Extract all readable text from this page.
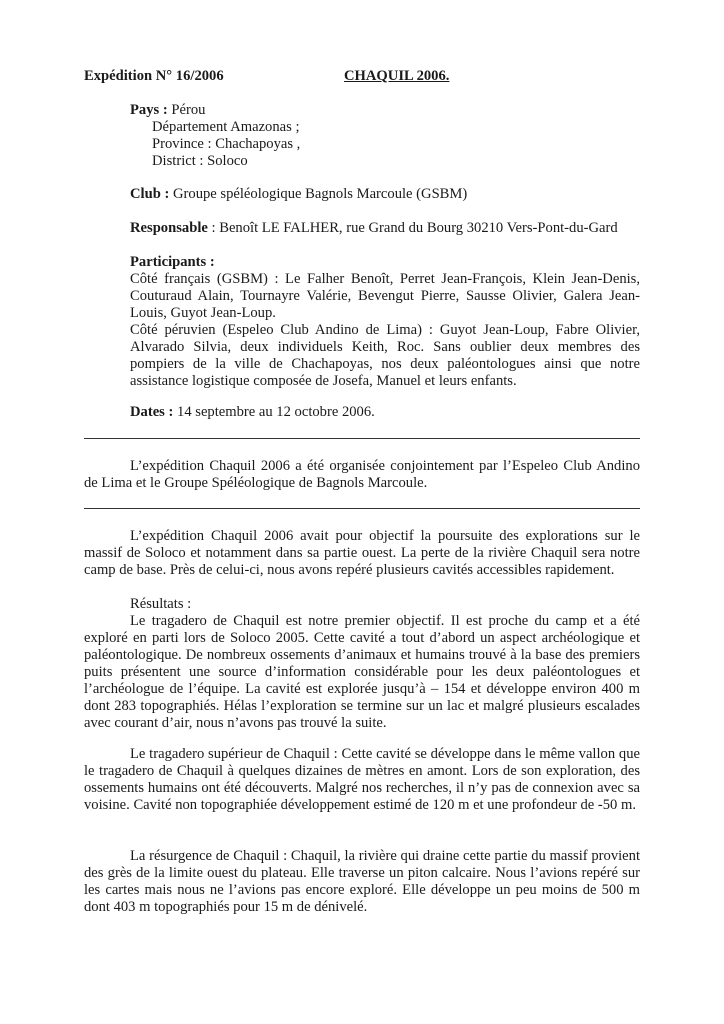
Expédition N° 16/2006	CHAQUIL 2006.
Pays : Pérou
Département Amazonas ;
Province : Chachapoyas ,
District : Soloco
Club : Groupe spéléologique Bagnols Marcoule (GSBM)
Responsable : Benoît LE FALHER, rue Grand du Bourg 30210 Vers-Pont-du-Gard
Participants :

Côté français (GSBM) : Le Falher Benoît, Perret Jean-François, Klein Jean-Denis, Couturaud Alain, Tournayre Valérie, Bevengut Pierre, Sausse Olivier, Galera Jean-Louis, Guyot Jean-Loup.

Côté péruvien (Espeleo Club Andino de Lima) : Guyot Jean-Loup, Fabre Olivier, Alvarado Silvia, deux individuels Keith, Roc. Sans oublier deux membres des pompiers de la ville de Chachapoyas, nos deux paléontologues ainsi que notre assistance logistique composée de Josefa, Manuel et leurs enfants.

Dates : 14 septembre au 12 octobre 2006.

L’expédition Chaquil 2006 a été organisée conjointement par l’Espeleo Club Andino de Lima et le Groupe Spéléologique de Bagnols Marcoule.

L’expédition Chaquil 2006 avait pour objectif la poursuite des explorations sur le massif de Soloco et notamment dans sa partie ouest. La perte de la rivière Chaquil sera notre camp de base. Près de celui-ci, nous avons repéré plusieurs cavités accessibles rapidement.

Résultats :

Le tragadero de Chaquil est notre premier objectif. Il est proche du camp et a été exploré en parti lors de Soloco 2005. Cette cavité a tout d’abord un aspect archéologique et paléontologique. De nombreux ossements d’animaux et humains trouvé à la base des premiers puits présentent une source d’information considérable pour les deux paléontologues et l’archéologue de l’équipe. La cavité est explorée jusqu’à – 154 et développe environ 400 m dont 283 topographiés. Hélas l’exploration se termine sur un lac et malgré plusieurs escalades avec courant d’air, nous n’avons pas trouvé la suite.

Le tragadero supérieur de Chaquil : Cette cavité se développe dans le même vallon que le tragadero de Chaquil à quelques dizaines de mètres en amont. Lors de son exploration, des ossements humains ont été découverts. Malgré nos recherches, il n’y pas de connexion avec sa voisine. Cavité non topographiée développement estimé de 120 m et une profondeur de -50 m.

La résurgence de Chaquil : Chaquil, la rivière qui draine cette partie du massif provient des grès de la limite ouest du plateau. Elle traverse un piton calcaire. Nous l’avions repéré sur les cartes mais nous ne l’avions pas encore exploré. Elle développe un peu moins de 500 m dont 403 m topographiés pour 15 m de dénivelé.
